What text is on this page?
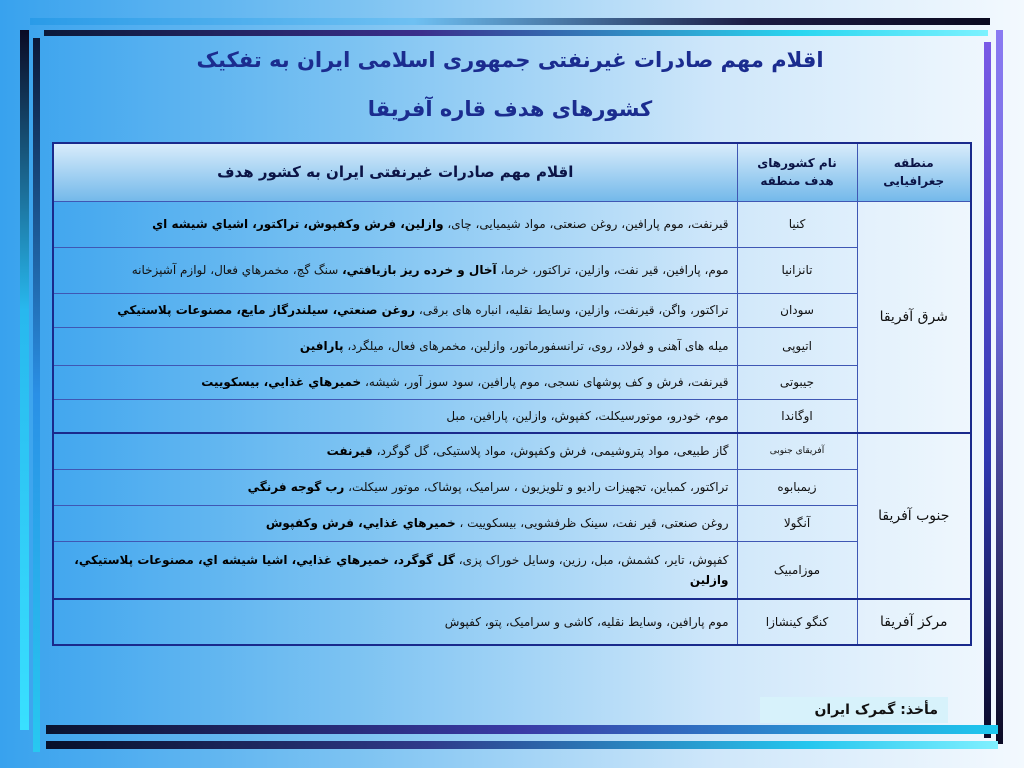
اقلام مهم صادرات غیرنفتی جمهوری اسلامی ایران به تفکیک
کشورهای هدف قاره آفریقا
منطقه جغرافیایی	نام کشورهای هدف منطقه	اقلام مهم صادرات غیرنفتی ایران به کشور هدف
شرق آفریقا	کنیا	قیرنفت، موم پارافین، روغن صنعتی، مواد شیمیایی، چای، وازلین، فرش وکفپوش، تراکتور، اشیاي شیشه اي
	تانزانیا	موم، پارافین، قیر نفت، وازلین، تراکتور، خرما، آخال و خرده ریز بازیافتي، سنگ گچ، مخمرهاي فعال، لوازم آشپزخانه
	سودان	تراکتور، واگن، قیرنفت، وازلین، وسایط نقلیه، انباره های برقی، روغن صنعتي، سیلندرگاز مایع، مصنوعات پلاستیکي
	اتیوپی	میله های آهنی و فولاد، روی، ترانسفورماتور، وازلین، مخمرهای فعال، میلگرد، پارافین
	جیبوتی	قیرنفت، فرش و کف پوشهای نسجی، موم پارافین، سود سوز آور، شیشه، خمیرهاي غذايي، بیسکوییت
	اوگاندا	موم، خودرو، موتورسیکلت، کفپوش، وازلین، پارافین، مبل
جنوب آفریقا	آفریقای جنوبی	گاز طبیعی، مواد پتروشیمی، فرش وکفپوش، مواد پلاستیکی، گل گوگرد، قیرنفت
	زیمبابوه	تراکتور، کمباین، تجهیزات رادیو و تلویزیون ، سرامیک، پوشاک، موتور سیکلت، رب گوجه فرنگي
	آنگولا	روغن صنعتی، قیر نفت، سینک ظرفشویی، بیسکوییت ، خمیرهاي غذايي، فرش وكفپوش
	موزامبیک	کفپوش، تایر، کشمش، مبل، رزین، وسایل خوراک پزی، گل گوگرد، خمیرهاي غذايي، اشیا شیشه اي، مصنوعات پلاستیکي، وازلین
مرکز آفریقا	کنگو کینشازا	موم پارافین، وسایط نقلیه، کاشی و سرامیک، پتو، کفپوش
مأخذ: گمرک ایران
